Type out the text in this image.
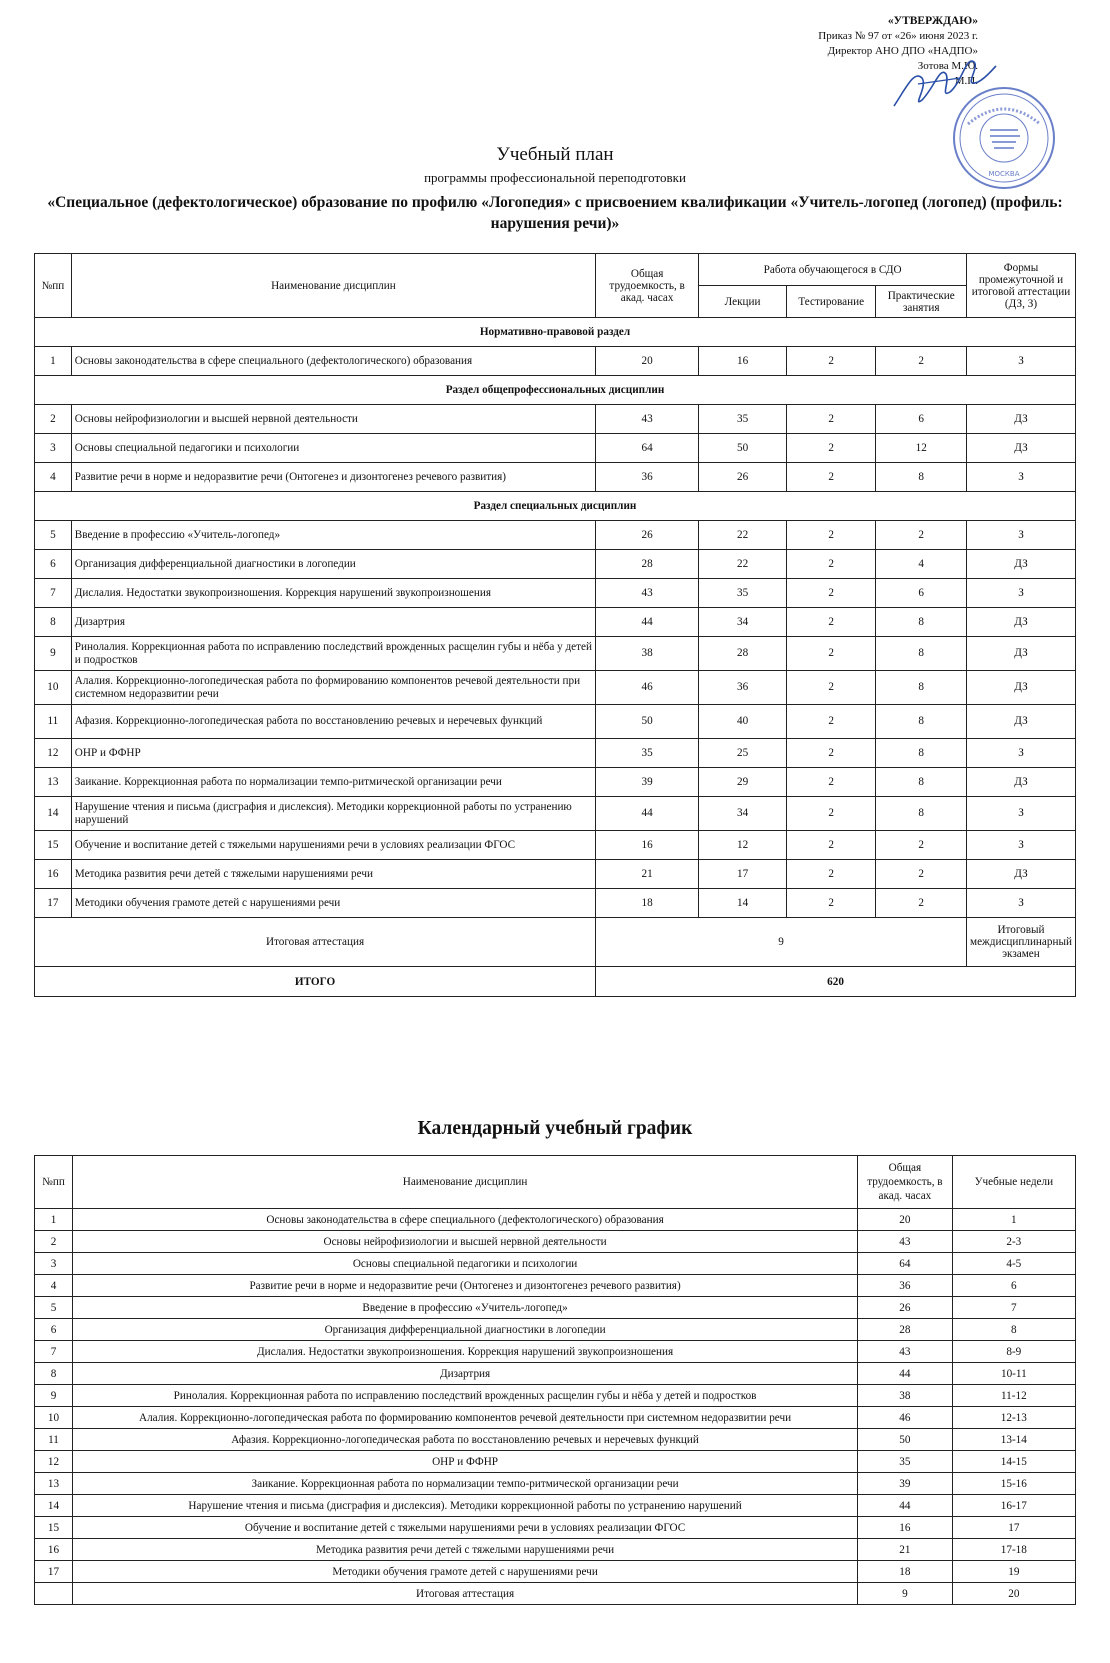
«УТВЕРЖДАЮ»
Приказ № 97 от «26» июня 2023 г.
Директор АНО ДПО «НАДПО»
Зотова М.Ю.
М.П.
МОСКВА
Учебный план
программы профессиональной переподготовки
«Специальное (дефектологическое) образование по профилю «Логопедия» с присвоением квалификации «Учитель-логопед (логопед) (профиль: нарушения речи)»
№пп	Наименование дисциплин	Общая трудоемкость, в акад. часах	Работа обучающегося в СДО			Формы промежуточной и итоговой аттестации (ДЗ, З)
			Лекции	Тестирование	Практические занятия	
Нормативно-правовой раздел						
1	Основы законодательства в сфере специального (дефектологического) образования	20	16	2	2	З
Раздел общепрофессиональных дисциплин						
2	Основы нейрофизиологии и высшей нервной деятельности	43	35	2	6	ДЗ
3	Основы специальной педагогики и психологии	64	50	2	12	ДЗ
4	Развитие речи в норме и недоразвитие речи (Онтогенез и дизонтогенез речевого развития)	36	26	2	8	З
Раздел специальных дисциплин						
5	Введение в профессию «Учитель-логопед»	26	22	2	2	З
6	Организация дифференциальной диагностики в логопедии	28	22	2	4	ДЗ
7	Дислалия. Недостатки звукопроизношения. Коррекция нарушений звукопроизношения	43	35	2	6	З
8	Дизартрия	44	34	2	8	ДЗ
9	Ринолалия. Коррекционная работа по исправлению последствий врожденных расщелин губы и нёба у детей и подростков	38	28	2	8	ДЗ
10	Алалия. Коррекционно-логопедическая работа по формированию компонентов речевой деятельности при системном недоразвитии речи	46	36	2	8	ДЗ
11	Афазия. Коррекционно-логопедическая работа по восстановлению речевых и неречевых функций	50	40	2	8	ДЗ
12	ОНР и ФФНР	35	25	2	8	З
13	Заикание. Коррекционная работа по нормализации темпо-ритмической организации речи	39	29	2	8	ДЗ
14	Нарушение чтения и письма (дисграфия и дислексия). Методики коррекционной работы по устранению нарушений	44	34	2	8	З
15	Обучение и воспитание детей с тяжелыми нарушениями речи в условиях реализации ФГОС	16	12	2	2	З
16	Методика развития речи детей с тяжелыми нарушениями речи	21	17	2	2	ДЗ
17	Методики обучения грамоте детей с нарушениями речи	18	14	2	2	З
Итоговая аттестация		9				Итоговый междисциплинарный экзамен
ИТОГО		620				
Календарный учебный график
№пп	Наименование дисциплин	Общая трудоемкость, в акад. часах	Учебные недели
1	Основы законодательства в сфере специального (дефектологического) образования	20	1
2	Основы нейрофизиологии и высшей нервной деятельности	43	2-3
3	Основы специальной педагогики и психологии	64	4-5
4	Развитие речи в норме и недоразвитие речи (Онтогенез и дизонтогенез речевого развития)	36	6
5	Введение в профессию «Учитель-логопед»	26	7
6	Организация дифференциальной диагностики в логопедии	28	8
7	Дислалия. Недостатки звукопроизношения. Коррекция нарушений звукопроизношения	43	8-9
8	Дизартрия	44	10-11
9	Ринолалия. Коррекционная работа по исправлению последствий врожденных расщелин губы и нёба у детей и подростков	38	11-12
10	Алалия. Коррекционно-логопедическая работа по формированию компонентов речевой деятельности при системном недоразвитии речи	46	12-13
11	Афазия. Коррекционно-логопедическая работа по восстановлению речевых и неречевых функций	50	13-14
12	ОНР и ФФНР	35	14-15
13	Заикание. Коррекционная работа по нормализации темпо-ритмической организации речи	39	15-16
14	Нарушение чтения и письма (дисграфия и дислексия). Методики коррекционной работы по устранению нарушений	44	16-17
15	Обучение и воспитание детей с тяжелыми нарушениями речи в условиях реализации ФГОС	16	17
16	Методика развития речи детей с тяжелыми нарушениями речи	21	17-18
17	Методики обучения грамоте детей с нарушениями речи	18	19
	Итоговая аттестация	9	20
